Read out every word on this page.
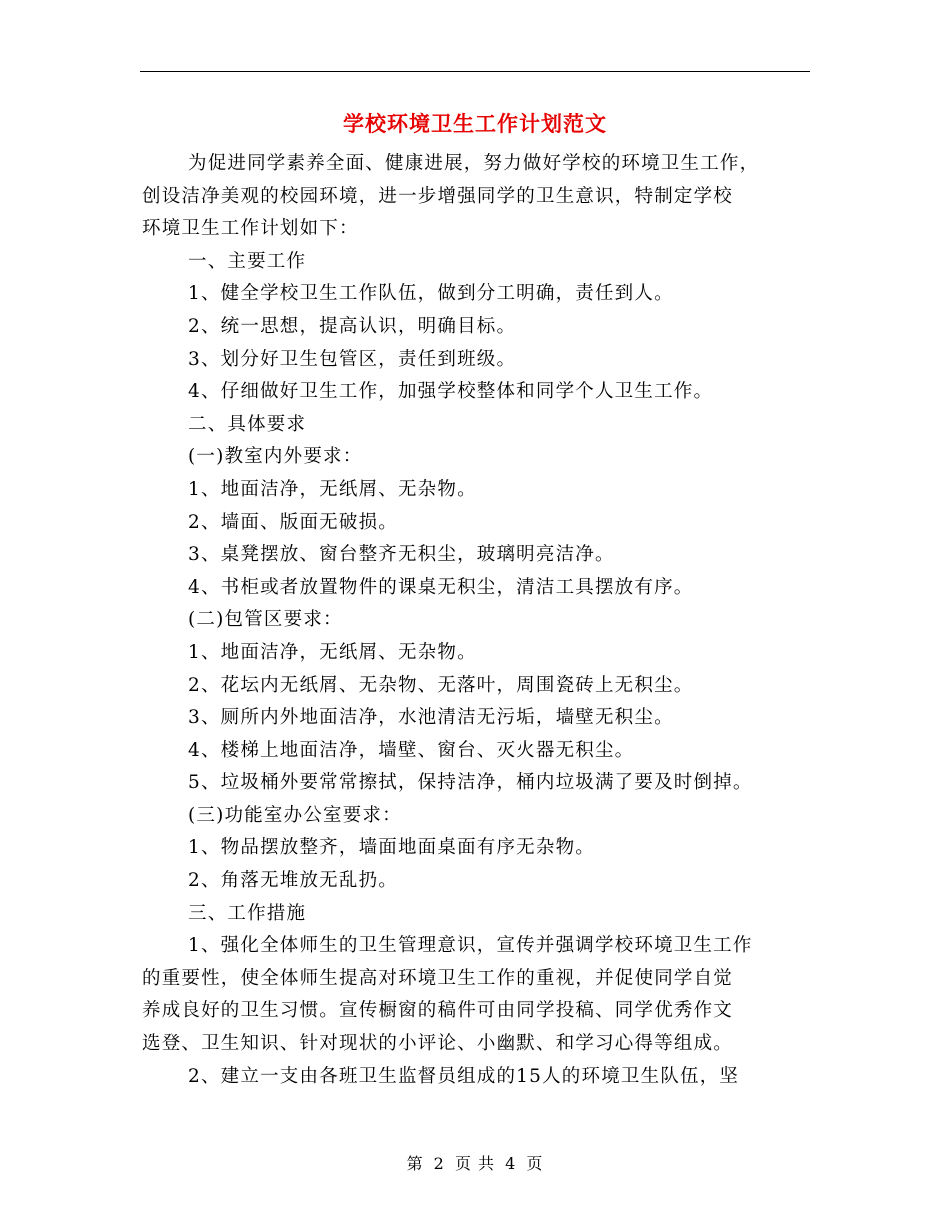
学校环境卫生工作计划范文
为促进同学素养全面、健康进展，努力做好学校的环境卫生工作，
创设洁净美观的校园环境，进一步增强同学的卫生意识，特制定学校
环境卫生工作计划如下：
一、主要工作
1、健全学校卫生工作队伍，做到分工明确，责任到人。
2、统一思想，提高认识，明确目标。
3、划分好卫生包管区，责任到班级。
4、仔细做好卫生工作，加强学校整体和同学个人卫生工作。
二、具体要求
(一)教室内外要求：
1、地面洁净，无纸屑、无杂物。
2、墙面、版面无破损。
3、桌凳摆放、窗台整齐无积尘，玻璃明亮洁净。
4、书柜或者放置物件的课桌无积尘，清洁工具摆放有序。
(二)包管区要求：
1、地面洁净，无纸屑、无杂物。
2、花坛内无纸屑、无杂物、无落叶，周围瓷砖上无积尘。
3、厕所内外地面洁净，水池清洁无污垢，墙壁无积尘。
4、楼梯上地面洁净，墙壁、窗台、灭火器无积尘。
5、垃圾桶外要常常擦拭，保持洁净，桶内垃圾满了要及时倒掉。
(三)功能室办公室要求：
1、物品摆放整齐，墙面地面桌面有序无杂物。
2、角落无堆放无乱扔。
三、工作措施
1、强化全体师生的卫生管理意识，宣传并强调学校环境卫生工作
的重要性，使全体师生提高对环境卫生工作的重视，并促使同学自觉
养成良好的卫生习惯。宣传橱窗的稿件可由同学投稿、同学优秀作文
选登、卫生知识、针对现状的小评论、小幽默、和学习心得等组成。
2、建立一支由各班卫生监督员组成的15人的环境卫生队伍，坚
第 2 页 共 4 页
